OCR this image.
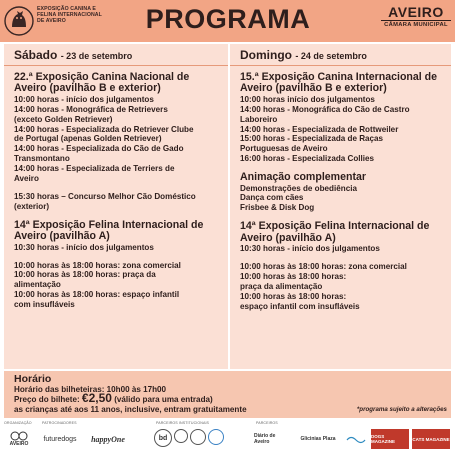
EXPOSIÇÃO CANINA E FELINA INTERNACIONAL DE AVEIRO	PROGRAMA	AVEIRO
CÂMARA MUNICIPAL
Sábado - 23 de setembro
22.ª Exposição Canina Nacional de Aveiro (pavilhão B e exterior)
10:00 horas - início dos julgamentos
14:00 horas - Monográfica de Retrievers
(exceto Golden Retriever)
14:00 horas - Especializada do Retriever Clube
de Portugal (apenas Golden Retriever)
14:00 horas - Especializada do Cão de Gado
Transmontano
14:00 horas - Especializada de Terriers de
Aveiro
15:30 horas – Concurso Melhor Cão Doméstico
(exterior)
14ª Exposição Felina Internacional de Aveiro (pavilhão A)
10:30 horas - início dos julgamentos
10:00 horas às 18:00 horas: zona comercial
10:00 horas às 18:00 horas: praça da
alimentação
10:00 horas às 18:00 horas: espaço infantil
com insufláveis
Domingo - 24 de setembro
15.ª Exposição Canina Internacional de Aveiro (pavilhão B e exterior)
10:00 horas início dos julgamentos
14:00 horas - Monográfica do Cão de Castro
Laboreiro
14:00 horas - Especializada de Rottweiler
15:00 horas - Especializada de Raças
Portuguesas de Aveiro
16:00 horas - Especializada Collies
Animação complementar
Demonstrações de obediência
Dança com cães
Frisbee & Disk Dog
14ª Exposição Felina Internacional de Aveiro (pavilhão A)
10:30 horas - início dos julgamentos
10:00 horas às 18:00 horas: zona comercial
10:00 horas às 18:00 horas:
praça da alimentação
10:00 horas às 18:00 horas:
espaço infantil com insufláveis
Horário
Horário das bilheteiras: 10h00 às 17h00
Preço do bilhete: €2,50 (válido para uma entrada)
as crianças até aos 11 anos, inclusive, entram gratuitamente	*programa sujeito a alterações
ORGANIZAÇÃO	PATROCINADORES	PARCEIROS INSTITUCIONAIS	PARCEIROS
AVEIRO
futuredogs	happyOne	bd	Diário de Aveiro	Glicinias Plaza	DOGS MAGAZINE	CATS MAGAZINE
